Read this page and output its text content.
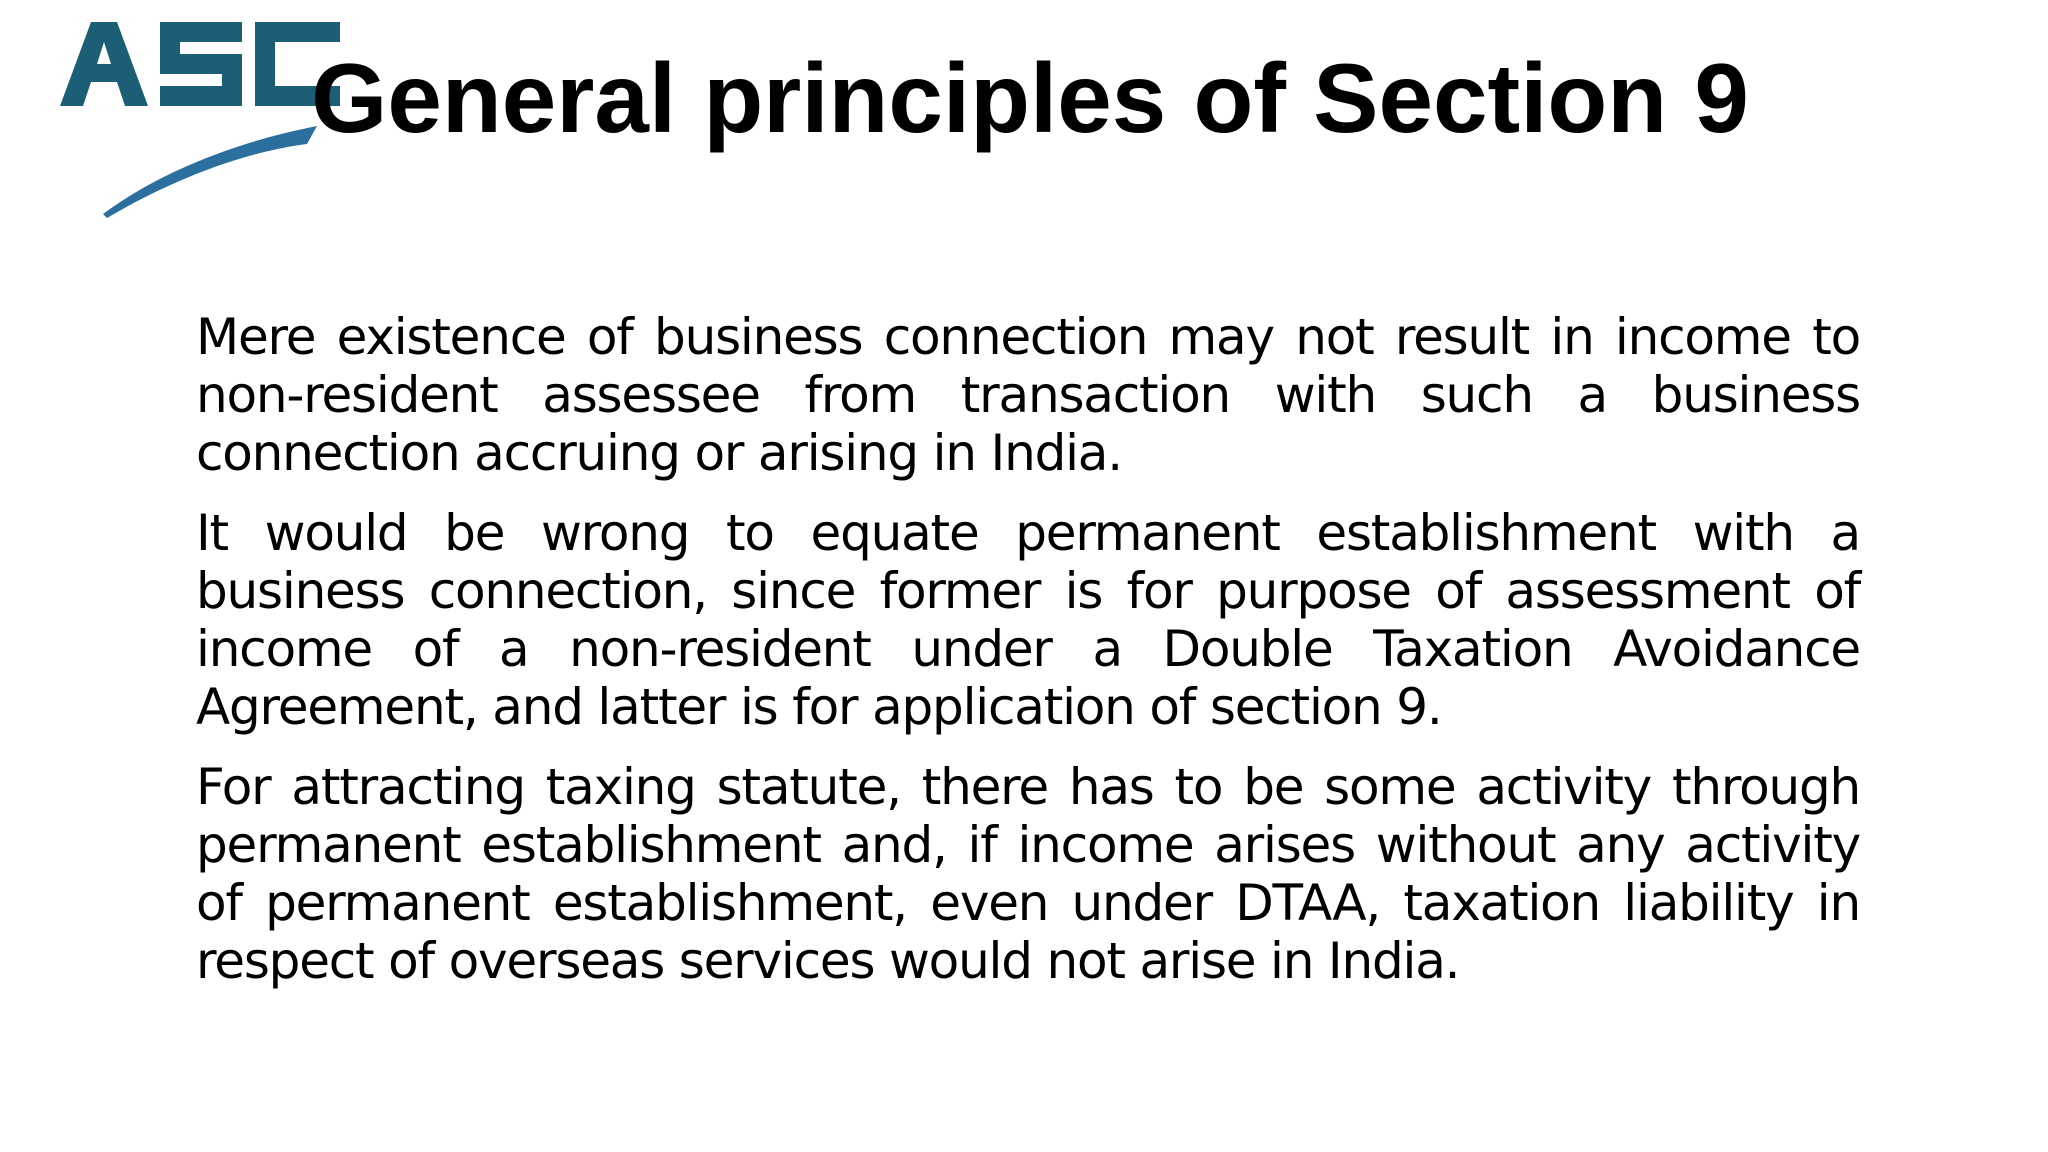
General principles of Section 9

Mere existence of business connection may not result in income to non-resident assessee from transaction with such a business connection accruing or arising in India.

It would be wrong to equate permanent establishment with a business connection, since former is for purpose of assessment of income of a non-resident under a Double Taxation Avoidance Agreement, and latter is for application of section 9.

For attracting taxing statute, there has to be some activity through permanent establishment and, if income arises without any activity of permanent establishment, even under DTAA, taxation liability in respect of overseas services would not arise in India.
